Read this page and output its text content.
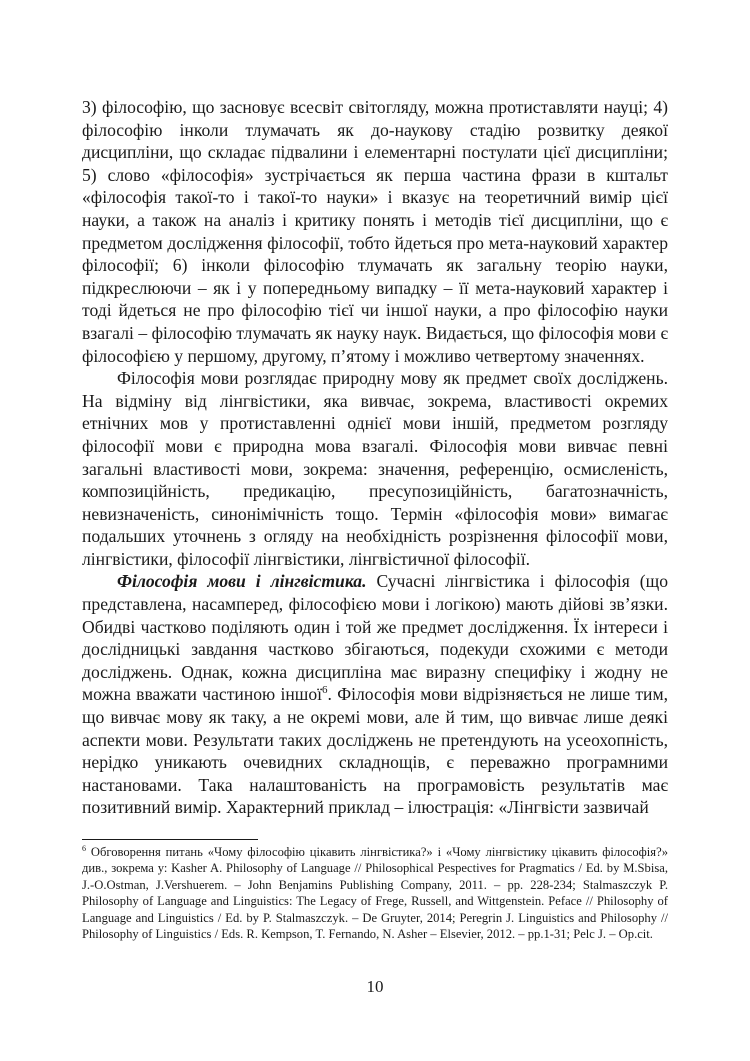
3) філософію, що засновує всесвіт світогляду, можна протиставляти науці; 4) філософію інколи тлумачать як до-наукову стадію розвитку деякої дисципліни, що складає підвалини і елементарні постулати цієї дисципліни; 5) слово «філософія» зустрічається як перша частина фрази в кштальт «філософія такої-то і такої-то науки» і вказує на теоретичний вимір цієї науки, а також на аналіз і критику понять і методів тієї дисципліни, що є предметом дослідження філософії, тобто йдеться про мета-науковий характер філософії; 6) інколи філософію тлумачать як загальну теорію науки, підкреслюючи – як і у попередньому випадку – її мета-науковий характер і тоді йдеться не про філософію тієї чи іншої науки, а про філософію науки взагалі – філософію тлумачать як науку наук. Видається, що філософія мови є філософією у першому, другому, п’ятому і можливо четвертому значеннях.

Філософія мови розглядає природну мову як предмет своїх досліджень. На відміну від лінгвістики, яка вивчає, зокрема, властивості окремих етнічних мов у протиставленні однієї мови іншій, предметом розгляду філософії мови є природна мова взагалі. Філософія мови вивчає певні загальні властивості мови, зокрема: значення, референцію, осмисленість, композиційність, предикацію, пресупозиційність, багатозначність, невизначеність, синонімічність тощо. Термін «філософія мови» вимагає подальших уточнень з огляду на необхідність розрізнення філософії мови, лінгвістики, філософії лінгвістики, лінгвістичної філософії.

Філософія мови і лінгвістика. Сучасні лінгвістика і філософія (що представлена, насамперед, філософією мови і логікою) мають дійові зв’язки. Обидві частково поділяють один і той же предмет дослідження. Їх інтереси і дослідницькі завдання частково збігаються, подекуди схожими є методи досліджень. Однак, кожна дисципліна має виразну специфіку і жодну не можна вважати частиною іншої$^6$. Філософія мови відрізняється не лише тим, що вивчає мову як таку, а не окремі мови, але й тим, що вивчає лише деякі аспекти мови. Результати таких досліджень не претендують на усеохопність, нерідко уникають очевидних складнощів, є переважно програмними настановами. Така налаштованість на програмовість результатів має позитивний вимір. Характерний приклад – ілюстрація: «Лінгвісти зазвичай

$^6$ Обговорення питань «Чому філософію цікавить лінгвістика?» і «Чому лінгвістику цікавить філософія?» див., зокрема у: Kasher A. Philosophy of Language // Philosophical Pespectives for Pragmatics / Ed. by M.Sbisa, J.-O.Ostman, J.Vershuerem. – John Benjamins Publishing Company, 2011. – pp. 228-234; Stalmaszczyk P. Philosophy of Language and Linguistics: The Legacy of Frege, Russell, and Wittgenstein. Peface // Philosophy of Language and Linguistics / Ed. by P. Stalmaszczyk. – De Gruyter, 2014; Peregrin J. Linguistics and Philosophy // Philosophy of Linguistics / Eds. R. Kempson, T. Fernando, N. Asher – Elsevier, 2012. – pp.1-31; Pelc J. – Op.cit.
10
